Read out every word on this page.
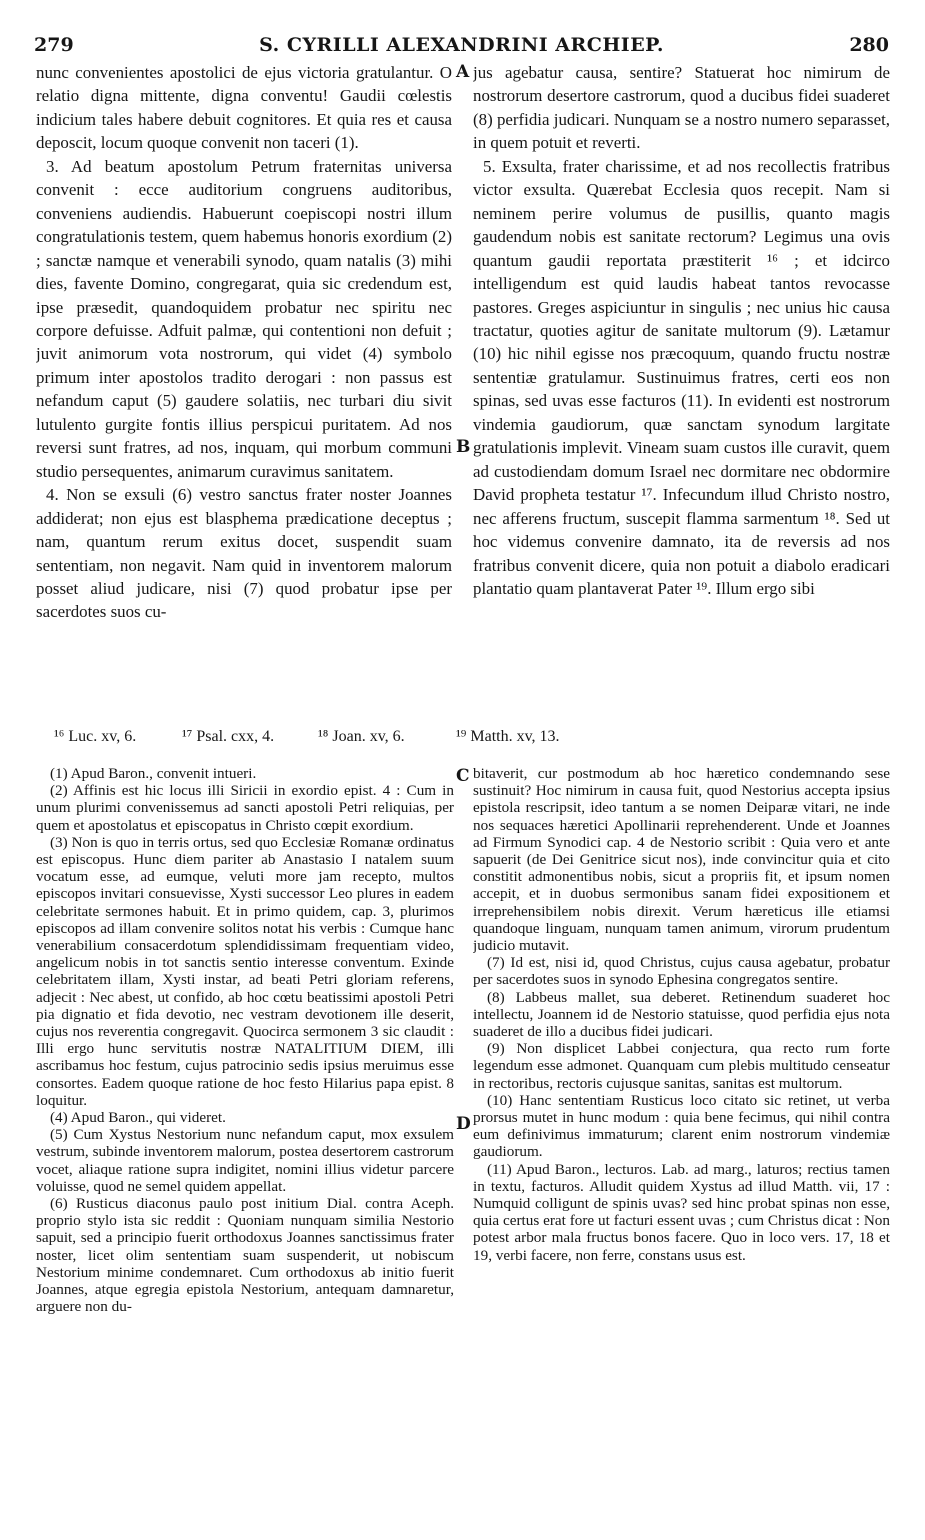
279	S. CYRILLI ALEXANDRINI ARCHIEP.	280

nunc convenientes apostolici de ejus victoria gratulantur. O relatio digna mittente, digna conventu! Gaudii cœlestis indicium tales habere debuit cognitores. Et quia res et causa deposcit, locum quoque convenit non taceri (1).

3. Ad beatum apostolum Petrum fraternitas universa convenit : ecce auditorium congruens auditoribus, conveniens audiendis. Habuerunt coepiscopi nostri illum congratulationis testem, quem habemus honoris exordium (2) ; sanctæ namque et venerabili synodo, quam natalis (3) mihi dies, favente Domino, congregarat, quia sic credendum est, ipse præsedit, quandoquidem probatur nec spiritu nec corpore defuisse. Adfuit palmæ, qui contentioni non defuit ; juvit animorum vota nostrorum, qui videt (4) symbolo primum inter apostolos tradito derogari : non passus est nefandum caput (5) gaudere solatiis, nec turbari diu sivit lutulento gurgite fontis illius perspicui puritatem. Ad nos reversi sunt fratres, ad nos, inquam, qui morbum communi studio persequentes, animarum curavimus sanitatem.

4. Non se exsuli (6) vestro sanctus frater noster Joannes addiderat; non ejus est blasphema prædicatione deceptus ; nam, quantum rerum exitus docet, suspendit suam sententiam, non negavit. Nam quid in inventorem malorum posset aliud judicare, nisi (7) quod probatur ipse per sacerdotes suos cu-

A
B

jus agebatur causa, sentire? Statuerat hoc nimirum de nostrorum desertore castrorum, quod a ducibus fidei suaderet (8) perfidia judicari. Nunquam se a nostro numero separasset, in quem potuit et reverti.

5. Exsulta, frater charissime, et ad nos recollectis fratribus victor exsulta. Quærebat Ecclesia quos recepit. Nam si neminem perire volumus de pusillis, quanto magis gaudendum nobis est sanitate rectorum? Legimus una ovis quantum gaudii reportata præstiterit ¹⁶ ; et idcirco intelligendum est quid laudis habeat tantos revocasse pastores. Greges aspiciuntur in singulis ; nec unius hic causa tractatur, quoties agitur de sanitate multorum (9). Lætamur (10) hic nihil egisse nos præcoquum, quando fructu nostræ sententiæ gratulamur. Sustinuimus fratres, certi eos non spinas, sed uvas esse facturos (11). In evidenti est nostrorum vindemia gaudiorum, quæ sanctam synodum largitate gratulationis implevit. Vineam suam custos ille curavit, quem ad custodiendam domum Israel nec dormitare nec obdormire David propheta testatur ¹⁷. Infecundum illud Christo nostro, nec afferens fructum, suscepit flamma sarmentum ¹⁸. Sed ut hoc videmus convenire damnato, ita de reversis ad nos fratribus convenit dicere, quia non potuit a diabolo eradicari plantatio quam plantaverat Pater ¹⁹. Illum ergo sibi

¹⁶ Luc. xv, 6.	¹⁷ Psal. cxx, 4.	¹⁸ Joan. xv, 6.	¹⁹ Matth. xv, 13.

(1) Apud Baron., convenit intueri.

(2) Affinis est hic locus illi Siricii in exordio epist. 4 : Cum in unum plurimi convenissemus ad sancti apostoli Petri reliquias, per quem et apostolatus et episcopatus in Christo cœpit exordium.

(3) Non is quo in terris ortus, sed quo Ecclesiæ Romanæ ordinatus est episcopus. Hunc diem pariter ab Anastasio I natalem suum vocatum esse, ad eumque, veluti more jam recepto, multos episcopos invitari consuevisse, Xysti successor Leo plures in eadem celebritate sermones habuit. Et in primo quidem, cap. 3, plurimos episcopos ad illam convenire solitos notat his verbis : Cumque hanc venerabilium consacerdotum splendidissimam frequentiam video, angelicum nobis in tot sanctis sentio interesse conventum. Exinde celebritatem illam, Xysti instar, ad beati Petri gloriam referens, adjecit : Nec abest, ut confido, ab hoc cœtu beatissimi apostoli Petri pia dignatio et fida devotio, nec vestram devotionem ille deserit, cujus nos reverentia congregavit. Quocirca sermonem 3 sic claudit : Illi ergo hunc servitutis nostræ NATALITIUM DIEM, illi ascribamus hoc festum, cujus patrocinio sedis ipsius meruimus esse consortes. Eadem quoque ratione de hoc festo Hilarius papa epist. 8 loquitur.

(4) Apud Baron., qui videret.

(5) Cum Xystus Nestorium nunc nefandum caput, mox exsulem vestrum, subinde inventorem malorum, postea desertorem castrorum vocet, aliaque ratione supra indigitet, nomini illius videtur parcere voluisse, quod ne semel quidem appellat.

(6) Rusticus diaconus paulo post initium Dial. contra Aceph. proprio stylo ista sic reddit : Quoniam nunquam similia Nestorio sapuit, sed a principio fuerit orthodoxus Joannes sanctissimus frater noster, licet olim sententiam suam suspenderit, ut nobiscum Nestorium minime condemnaret. Cum orthodoxus ab initio fuerit Joannes, atque egregia epistola Nestorium, antequam damnaretur, arguere non du-

C
D

bitaverit, cur postmodum ab hoc hæretico condemnando sese sustinuit? Hoc nimirum in causa fuit, quod Nestorius accepta ipsius epistola rescripsit, ideo tantum a se nomen Deiparæ vitari, ne inde nos sequaces hæretici Apollinarii reprehenderent. Unde et Joannes ad Firmum Synodici cap. 4 de Nestorio scribit : Quia vero et ante sapuerit (de Dei Genitrice sicut nos), inde convincitur quia et cito constitit admonentibus nobis, sicut a propriis fit, et ipsum nomen accepit, et in duobus sermonibus sanam fidei expositionem et irreprehensibilem nobis direxit. Verum hæreticus ille etiamsi quandoque linguam, nunquam tamen animum, virorum prudentum judicio mutavit.

(7) Id est, nisi id, quod Christus, cujus causa agebatur, probatur per sacerdotes suos in synodo Ephesina congregatos sentire.

(8) Labbeus mallet, sua deberet. Retinendum suaderet hoc intellectu, Joannem id de Nestorio statuisse, quod perfidia ejus nota suaderet de illo a ducibus fidei judicari.

(9) Non displicet Labbei conjectura, qua recto rum forte legendum esse admonet. Quanquam cum plebis multitudo censeatur in rectoribus, rectoris cujusque sanitas, sanitas est multorum.

(10) Hanc sententiam Rusticus loco citato sic retinet, ut verba prorsus mutet in hunc modum : quia bene fecimus, qui nihil contra eum definivimus immaturum; clarent enim nostrorum vindemiæ gaudiorum.

(11) Apud Baron., lecturos. Lab. ad marg., laturos; rectius tamen in textu, facturos. Alludit quidem Xystus ad illud Matth. vii, 17 : Numquid colligunt de spinis uvas? sed hinc probat spinas non esse, quia certus erat fore ut facturi essent uvas ; cum Christus dicat : Non potest arbor mala fructus bonos facere. Quo in loco vers. 17, 18 et 19, verbi facere, non ferre, constans usus est.
